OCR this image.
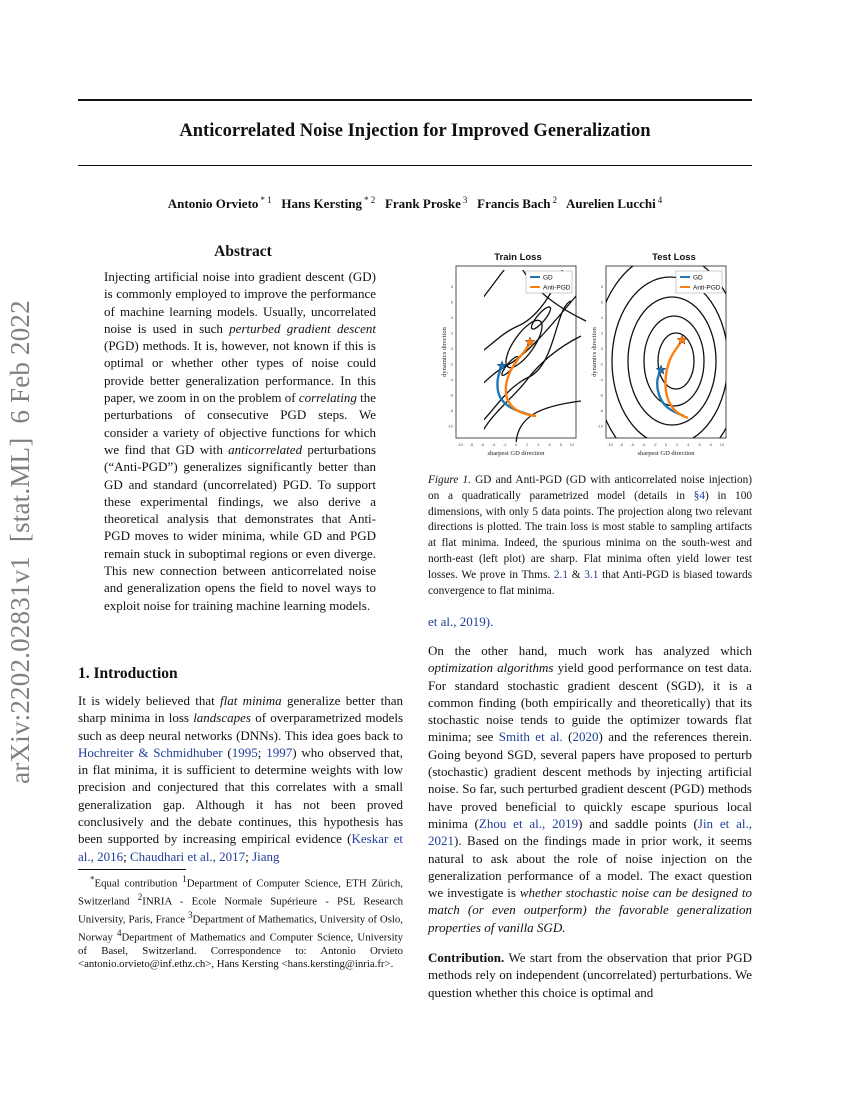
Anticorrelated Noise Injection for Improved Generalization
Antonio Orvieto $^{* 1}$ Hans Kersting $^{* 2}$ Frank Proske $^3$ Francis Bach $^2$ Aurelien Lucchi $^4$
arXiv:2202.02831v1  [stat.ML]  6 Feb 2022
Abstract
Injecting artificial noise into gradient descent (GD) is commonly employed to improve the performance of machine learning models. Usually, uncorrelated noise is used in such perturbed gradient descent (PGD) methods. It is, however, not known if this is optimal or whether other types of noise could provide better generalization performance. In this paper, we zoom in on the problem of correlating the perturbations of consecutive PGD steps. We consider a variety of objective functions for which we find that GD with anticorrelated perturbations (“Anti-PGD”) generalizes significantly better than GD and standard (uncorrelated) PGD. To support these experimental findings, we also derive a theoretical analysis that demonstrates that Anti-PGD moves to wider minima, while GD and PGD remain stuck in suboptimal regions or even diverge. This new connection between anticorrelated noise and generalization opens the field to novel ways to exploit noise for training machine learning models.
1. Introduction
It is widely believed that flat minima generalize better than sharp minima in loss landscapes of overparametrized models such as deep neural networks (DNNs). This idea goes back to Hochreiter & Schmidhuber (1995; 1997) who observed that, in flat minima, it is sufficient to determine weights with low precision and conjectured that this correlates with a small generalization gap. Although it has not been proved conclusively and the debate continues, this hypothesis has been supported by increasing empirical evidence (Keskar et al., 2016; Chaudhari et al., 2017; Jiang
*Equal contribution $^1$Department of Computer Science, ETH Zürich, Switzerland $^2$INRIA - Ecole Normale Supérieure - PSL Research University, Paris, France $^3$Department of Mathematics, University of Oslo, Norway $^4$Department of Mathematics and Computer Science, University of Basel, Switzerland. Correspondence to: Antonio Orvieto <antonio.orvieto@inf.ethz.ch>, Hans Kersting <hans.kersting@inria.fr>.
Train Loss	Test Loss
GD
Anti-PGD
-10 -8 -6 -4 -2 0 2 4 6 8 10
8
6
4
2
0
-2
-4
-6
-8
-10
sharpest GD direction
dynamics direction
GD
Anti-PGD
-10 -8 -6 -4 -2 0 2 4 6 8 10
8
6
4
2
0
-2
-4
-6
-8
-10
sharpest GD direction
dynamics direction
Figure 1. GD and Anti-PGD (GD with anticorrelated noise injection) on a quadratically parametrized model (details in §4) in 100 dimensions, with only 5 data points. The projection along two relevant directions is plotted. The train loss is most stable to sampling artifacts at flat minima. Indeed, the spurious minima on the south-west and north-east (left plot) are sharp. Flat minima often yield lower test losses. We prove in Thms. 2.1 & 3.1 that Anti-PGD is biased towards convergence to flat minima.
et al., 2019).
On the other hand, much work has analyzed which optimization algorithms yield good performance on test data. For standard stochastic gradient descent (SGD), it is a common finding (both empirically and theoretically) that its stochastic noise tends to guide the optimizer towards flat minima; see Smith et al. (2020) and the references therein. Going beyond SGD, several papers have proposed to perturb (stochastic) gradient descent methods by injecting artificial noise. So far, such perturbed gradient descent (PGD) methods have proved beneficial to quickly escape spurious local minima (Zhou et al., 2019) and saddle points (Jin et al., 2021). Based on the findings made in prior work, it seems natural to ask about the role of noise injection on the generalization performance of a model. The exact question we investigate is whether stochastic noise can be designed to match (or even outperform) the favorable generalization properties of vanilla SGD.
Contribution. We start from the observation that prior PGD methods rely on independent (uncorrelated) perturbations. We question whether this choice is optimal and
